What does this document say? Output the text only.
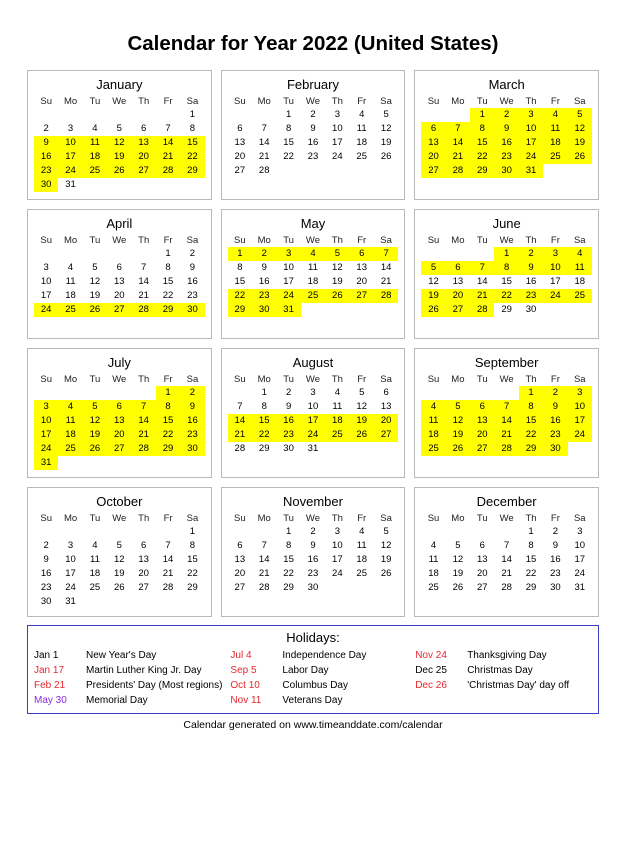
Calendar for Year 2022 (United States)
January
Su	Mo	Tu	We	Th	Fr	Sa
						1
2	3	4	5	6	7	8
9	10	11	12	13	14	15
16	17	18	19	20	21	22
23	24	25	26	27	28	29
30	31					
February
Su	Mo	Tu	We	Th	Fr	Sa
		1	2	3	4	5
6	7	8	9	10	11	12
13	14	15	16	17	18	19
20	21	22	23	24	25	26
27	28					

March
Su	Mo	Tu	We	Th	Fr	Sa
		1	2	3	4	5
6	7	8	9	10	11	12
13	14	15	16	17	18	19
20	21	22	23	24	25	26
27	28	29	30	31		

April
Su	Mo	Tu	We	Th	Fr	Sa
					1	2
3	4	5	6	7	8	9
10	11	12	13	14	15	16
17	18	19	20	21	22	23
24	25	26	27	28	29	30

May
Su	Mo	Tu	We	Th	Fr	Sa
1	2	3	4	5	6	7
8	9	10	11	12	13	14
15	16	17	18	19	20	21
22	23	24	25	26	27	28
29	30	31				

June
Su	Mo	Tu	We	Th	Fr	Sa
			1	2	3	4
5	6	7	8	9	10	11
12	13	14	15	16	17	18
19	20	21	22	23	24	25
26	27	28	29	30		

July
Su	Mo	Tu	We	Th	Fr	Sa
					1	2
3	4	5	6	7	8	9
10	11	12	13	14	15	16
17	18	19	20	21	22	23
24	25	26	27	28	29	30
31						
August
Su	Mo	Tu	We	Th	Fr	Sa
	1	2	3	4	5	6
7	8	9	10	11	12	13
14	15	16	17	18	19	20
21	22	23	24	25	26	27
28	29	30	31			

September
Su	Mo	Tu	We	Th	Fr	Sa
				1	2	3
4	5	6	7	8	9	10
11	12	13	14	15	16	17
18	19	20	21	22	23	24
25	26	27	28	29	30	

October
Su	Mo	Tu	We	Th	Fr	Sa
						1
2	3	4	5	6	7	8
9	10	11	12	13	14	15
16	17	18	19	20	21	22
23	24	25	26	27	28	29
30	31					
November
Su	Mo	Tu	We	Th	Fr	Sa
		1	2	3	4	5
6	7	8	9	10	11	12
13	14	15	16	17	18	19
20	21	22	23	24	25	26
27	28	29	30			

December
Su	Mo	Tu	We	Th	Fr	Sa
				1	2	3
4	5	6	7	8	9	10
11	12	13	14	15	16	17
18	19	20	21	22	23	24
25	26	27	28	29	30	31

Holidays:
Jan 1	New Year's Day
Jan 17	Martin Luther King Jr. Day
Feb 21	Presidents' Day (Most regions)
May 30	Memorial Day
Jul 4	Independence Day
Sep 5	Labor Day
Oct 10	Columbus Day
Nov 11	Veterans Day
Nov 24	Thanksgiving Day
Dec 25	Christmas Day
Dec 26	'Christmas Day' day off
Calendar generated on www.timeanddate.com/calendar
